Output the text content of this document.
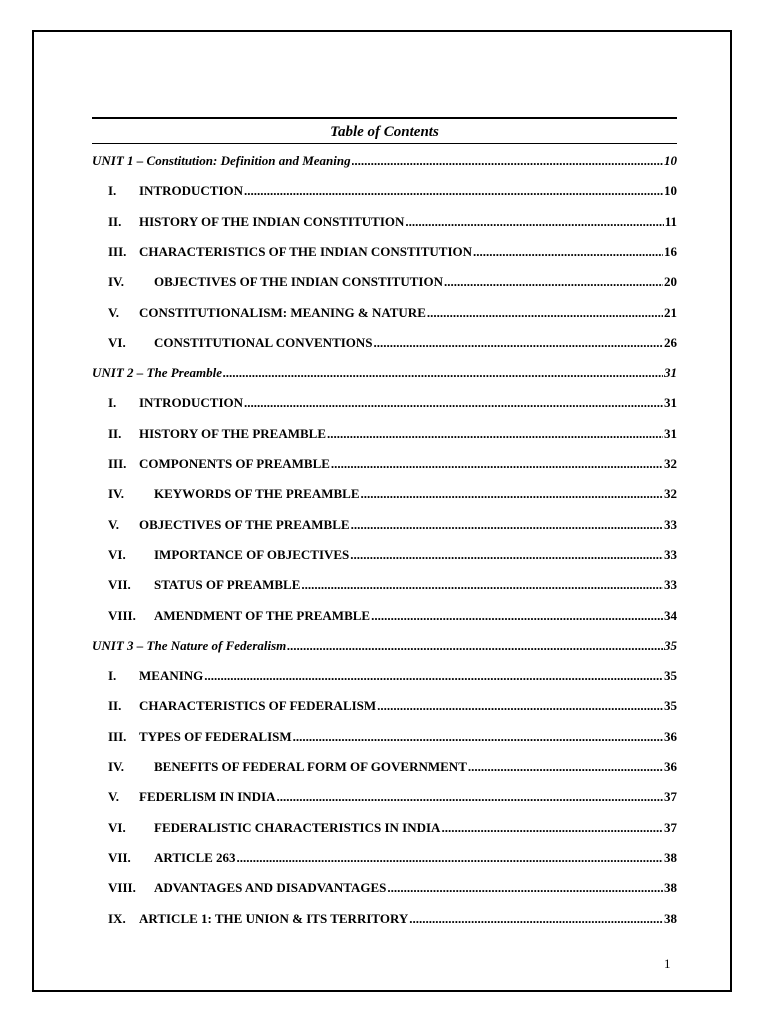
Table of Contents
UNIT 1 – Constitution: Definition and Meaning .....	10
I.	INTRODUCTION .....	10
II.	HISTORY OF THE INDIAN CONSTITUTION .....	11
III. CHARACTERISTICS OF THE INDIAN CONSTITUTION .....	16
IV.	OBJECTIVES OF THE INDIAN CONSTITUTION .....	20
V.	CONSTITUTIONALISM: MEANING & NATURE .....	21
VI.	CONSTITUTIONAL CONVENTIONS .....	26
UNIT 2 – The Preamble .....	31
I.	INTRODUCTION .....	31
II.	HISTORY OF THE PREAMBLE .....	31
III. COMPONENTS OF PREAMBLE .....	32
IV.	KEYWORDS OF THE PREAMBLE .....	32
V.	OBJECTIVES OF THE PREAMBLE .....	33
VI.	IMPORTANCE OF OBJECTIVES .....	33
VII.	STATUS OF PREAMBLE .....	33
VIII.	AMENDMENT OF THE PREAMBLE .....	34
UNIT 3 – The Nature of Federalism .....	35
I.	MEANING .....	35
II.	CHARACTERISTICS OF FEDERALISM .....	35
III. TYPES OF FEDERALISM .....	36
IV.	BENEFITS OF FEDERAL FORM OF GOVERNMENT .....	36
V.	FEDERLISM IN INDIA .....	37
VI.	FEDERALISTIC CHARACTERISTICS IN INDIA .....	37
VII.	ARTICLE 263 .....	38
VIII.	ADVANTAGES AND DISADVANTAGES .....	38
IX.	ARTICLE 1: THE UNION & ITS TERRITORY .....	38
1
